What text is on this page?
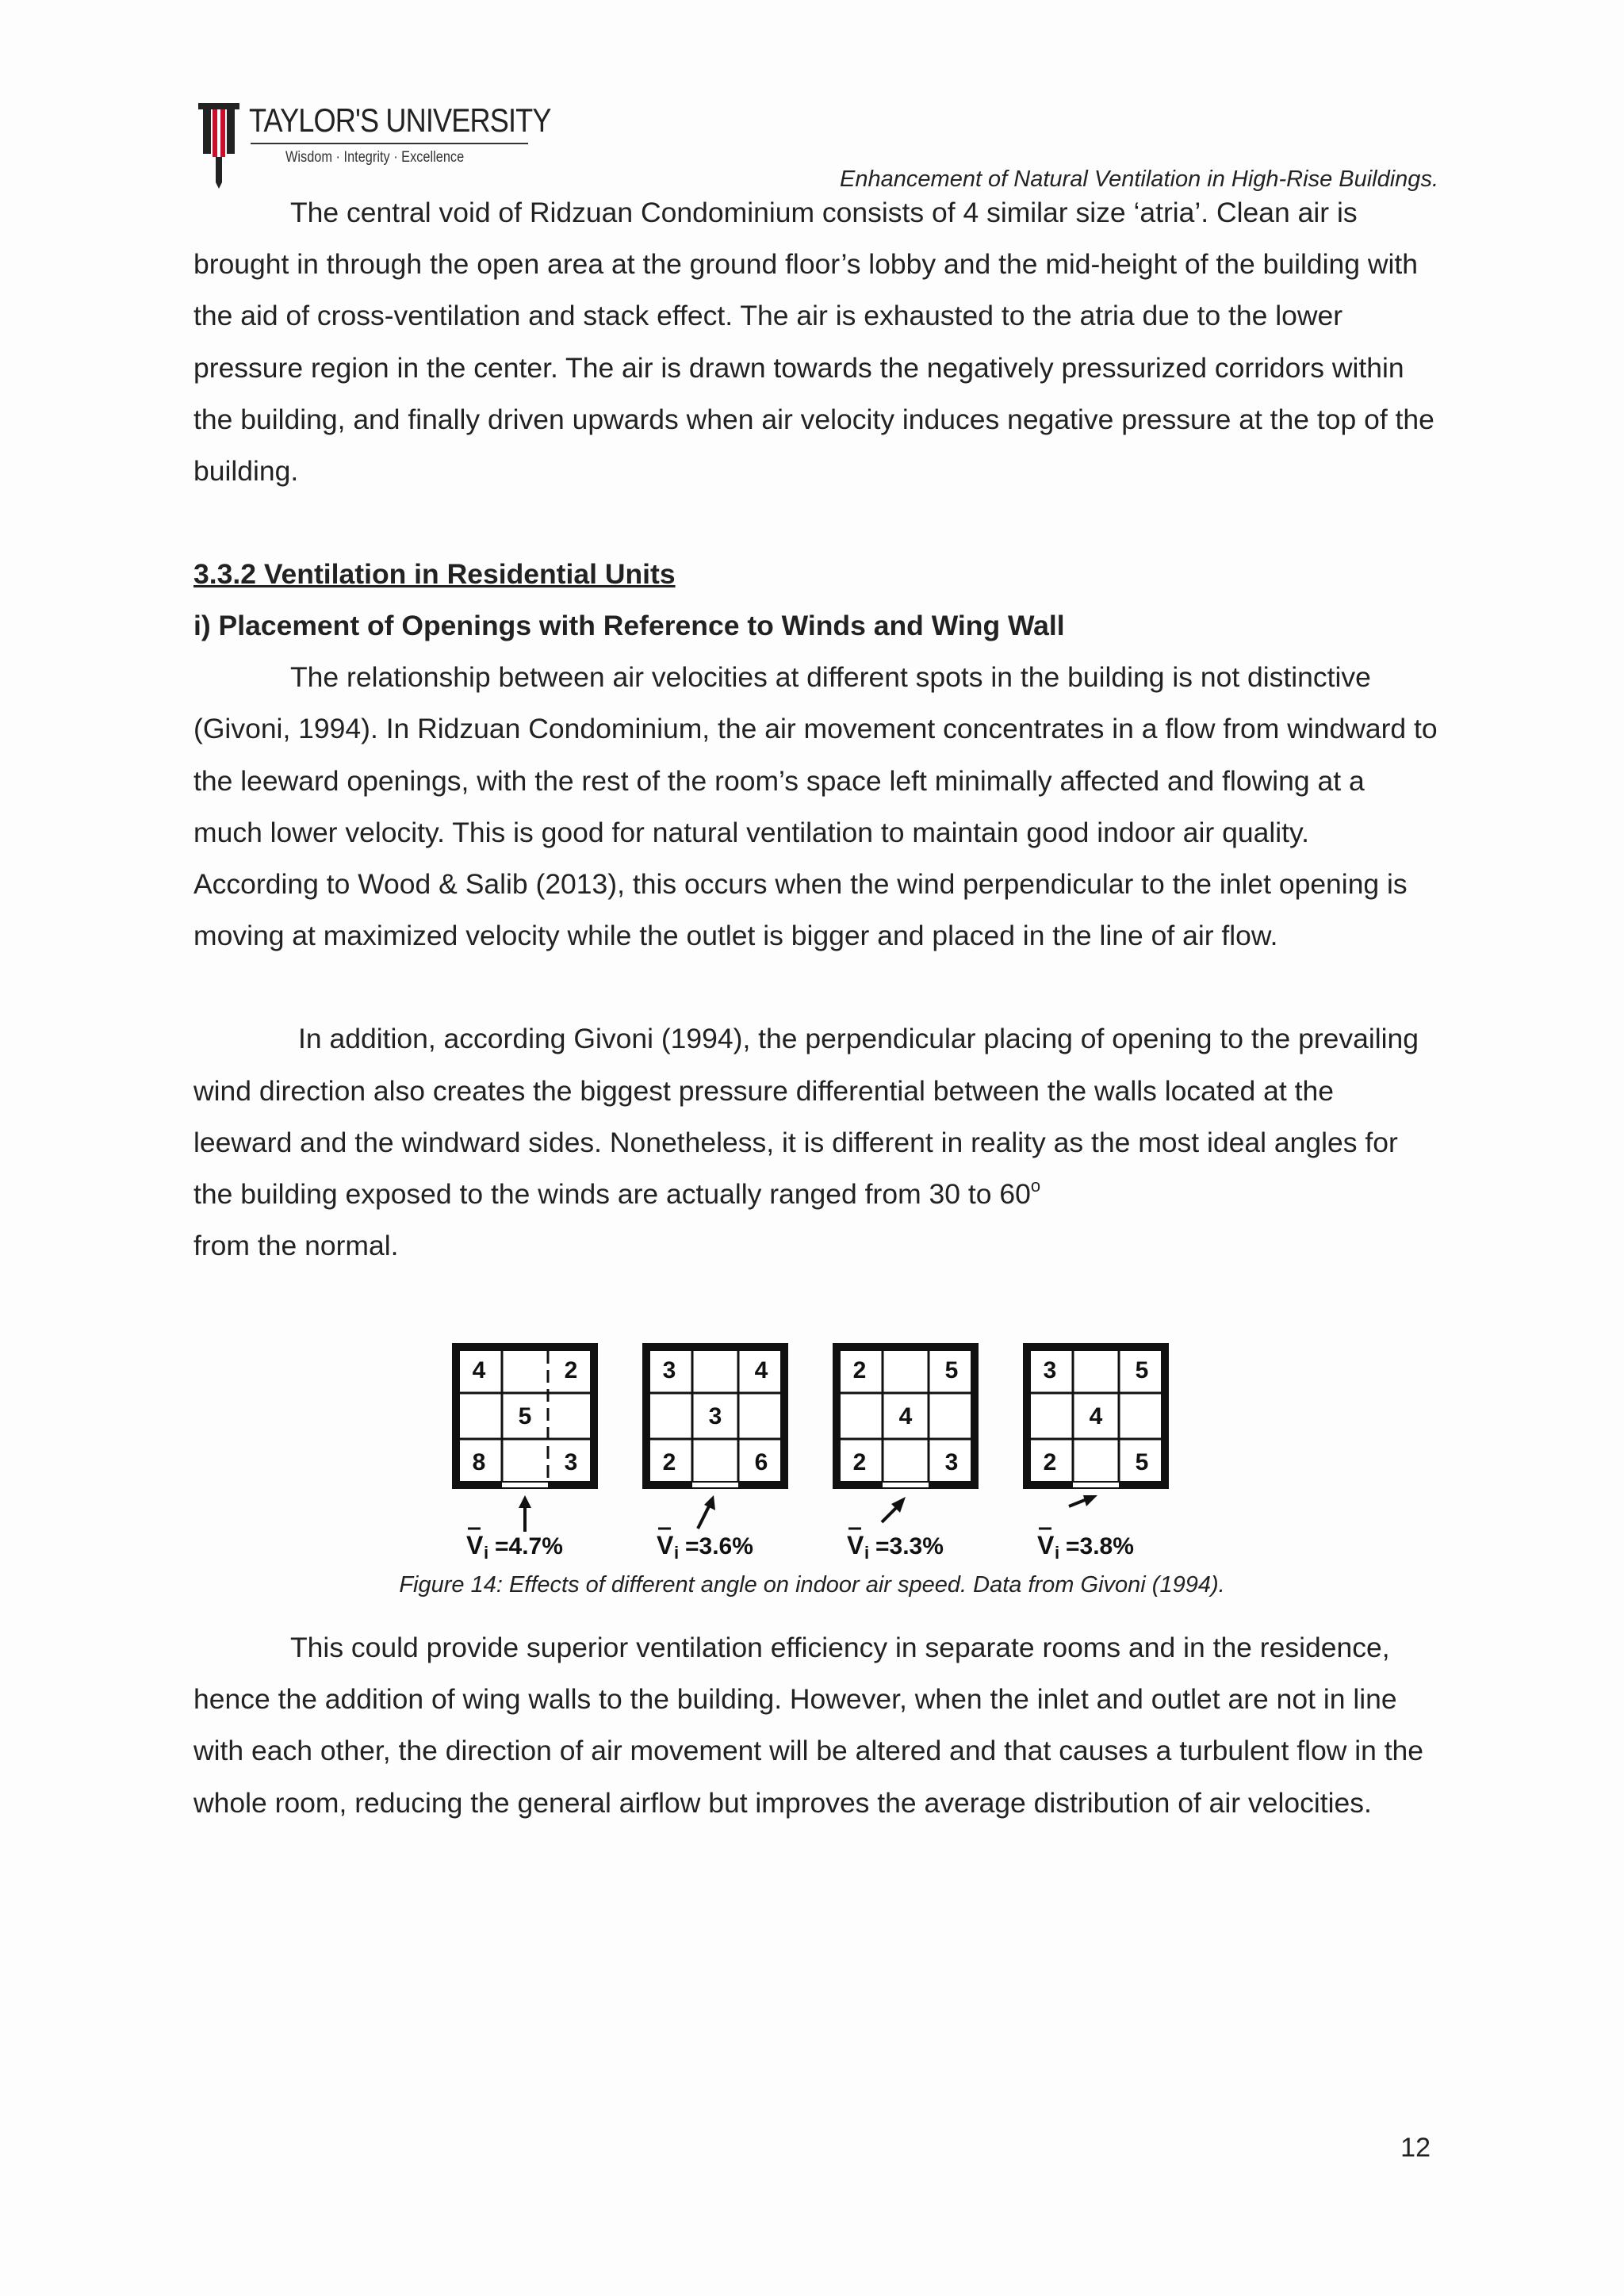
TAYLOR'S UNIVERSITY
Wisdom · Integrity · Excellence
Enhancement of Natural Ventilation in High-Rise Buildings.

The central void of Ridzuan Condominium consists of 4 similar size ‘atria’. Clean air is brought in through the open area at the ground floor’s lobby and the mid-height of the building with the aid of cross-ventilation and stack effect. The air is exhausted to the atria due to the lower pressure region in the center. The air is drawn towards the negatively pressurized corridors within the building, and finally driven upwards when air velocity induces negative pressure at the top of the building.

3.3.2 Ventilation in Residential Units

i) Placement of Openings with Reference to Winds and Wing Wall

The relationship between air velocities at different spots in the building is not distinctive (Givoni, 1994). In Ridzuan Condominium, the air movement concentrates in a flow from windward to the leeward openings, with the rest of the room’s space left minimally affected and flowing at a much lower velocity. This is good for natural ventilation to maintain good indoor air quality. According to Wood & Salib (2013), this occurs when the wind perpendicular to the inlet opening is moving at maximized velocity while the outlet is bigger and placed in the line of air flow.

In addition, according Givoni (1994), the perpendicular placing of opening to the prevailing wind direction also creates the biggest pressure differential between the walls located at the leeward and the windward sides. Nonetheless, it is different in reality as the most ideal angles for the building exposed to the winds are actually ranged from 30 to 60$^o$
from the normal.

4	2
5
8	3
3	4
3
2	6
2	5
4
2	3
3	5
4
2	5
V i =4.7%	V i =3.6%	V i =3.3%	V i =3.8%
Figure 14: Effects of different angle on indoor air speed. Data from Givoni (1994).

This could provide superior ventilation efficiency in separate rooms and in the residence, hence the addition of wing walls to the building. However, when the inlet and outlet are not in line with each other, the direction of air movement will be altered and that causes a turbulent flow in the whole room, reducing the general airflow but improves the average distribution of air velocities.

12
